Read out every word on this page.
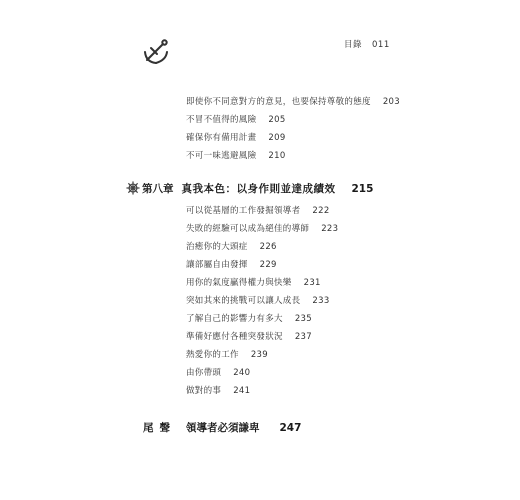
目錄 011
即使你不同意對方的意見，也要保持尊敬的態度 203
不冒不值得的風險 205
確保你有備用計畫 209
不可一味逃避風險 210
第八章 真我本色：以身作則並達成績效 215
可以從基層的工作發掘領導者 222
失敗的經驗可以成為絕佳的導師 223
治癒你的大頭症 226
讓部屬自由發揮 229
用你的氣度贏得權力與快樂 231
突如其來的挑戰可以讓人成長 233
了解自己的影響力有多大 235
準備好應付各種突發狀況 237
熱愛你的工作 239
由你帶頭 240
做對的事 241
尾聲 領導者必須謙卑 247
